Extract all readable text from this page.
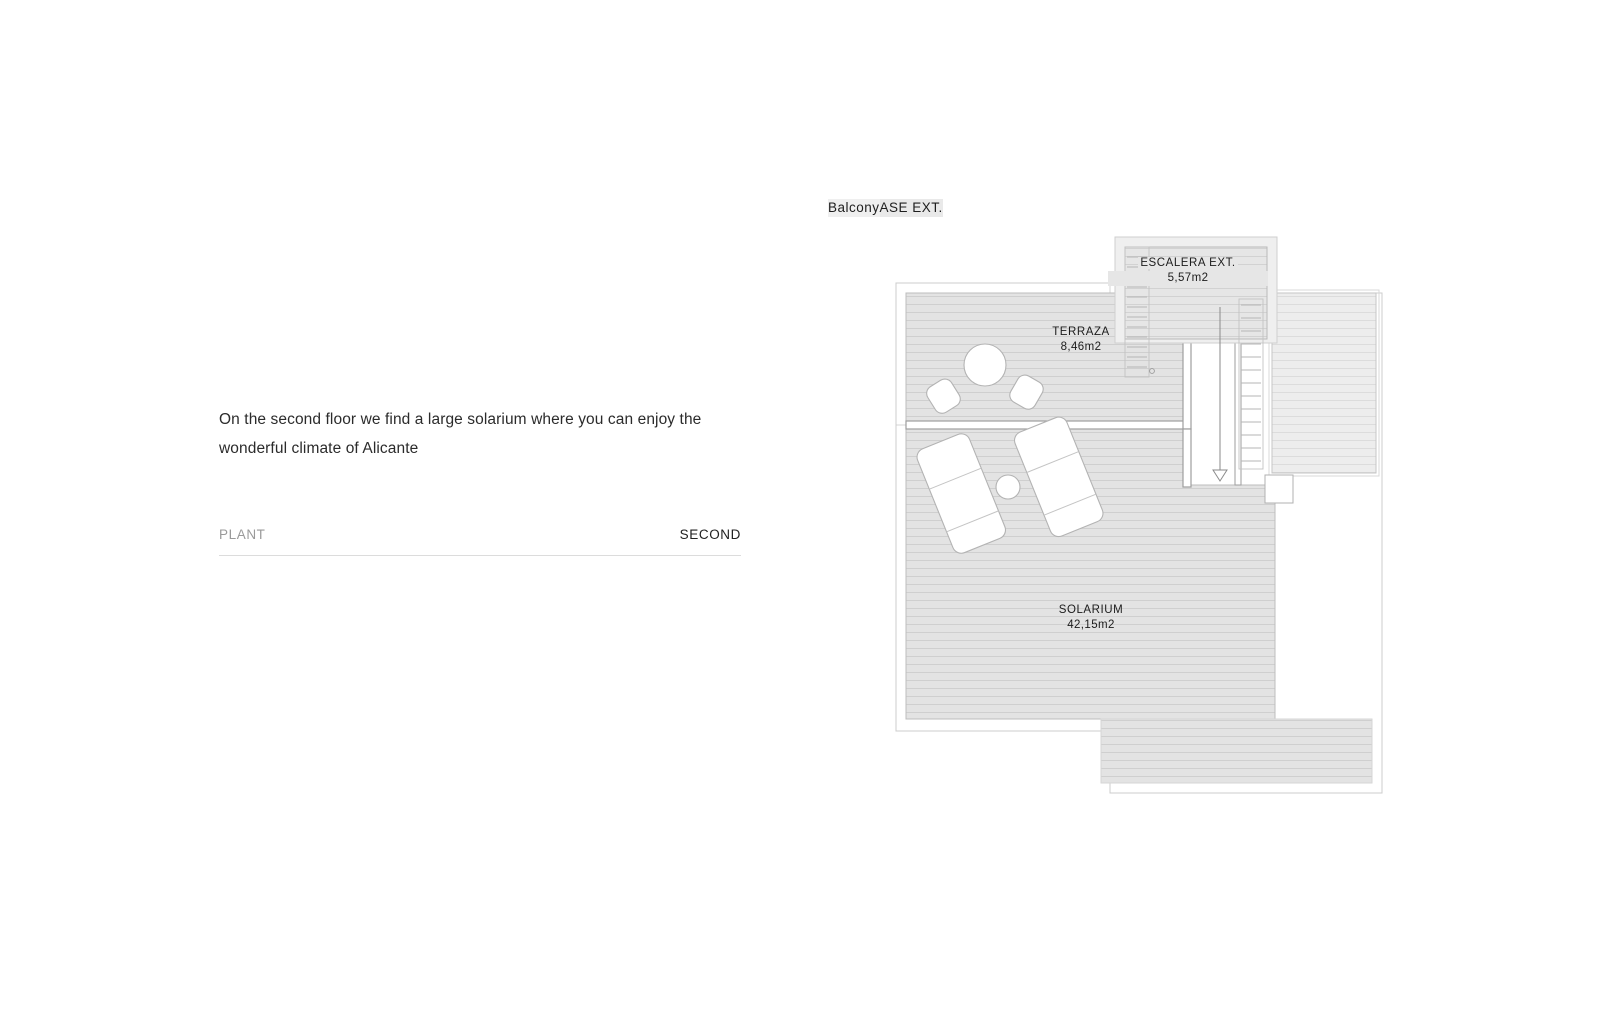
On the second floor we find a large solarium where you can enjoy the wonderful climate of Alicante

PLANT	SECOND
BalconyASE EXT.
ESCALERA EXT.
5,57m2
TERRAZA
8,46m2
SOLARIUM
42,15m2
